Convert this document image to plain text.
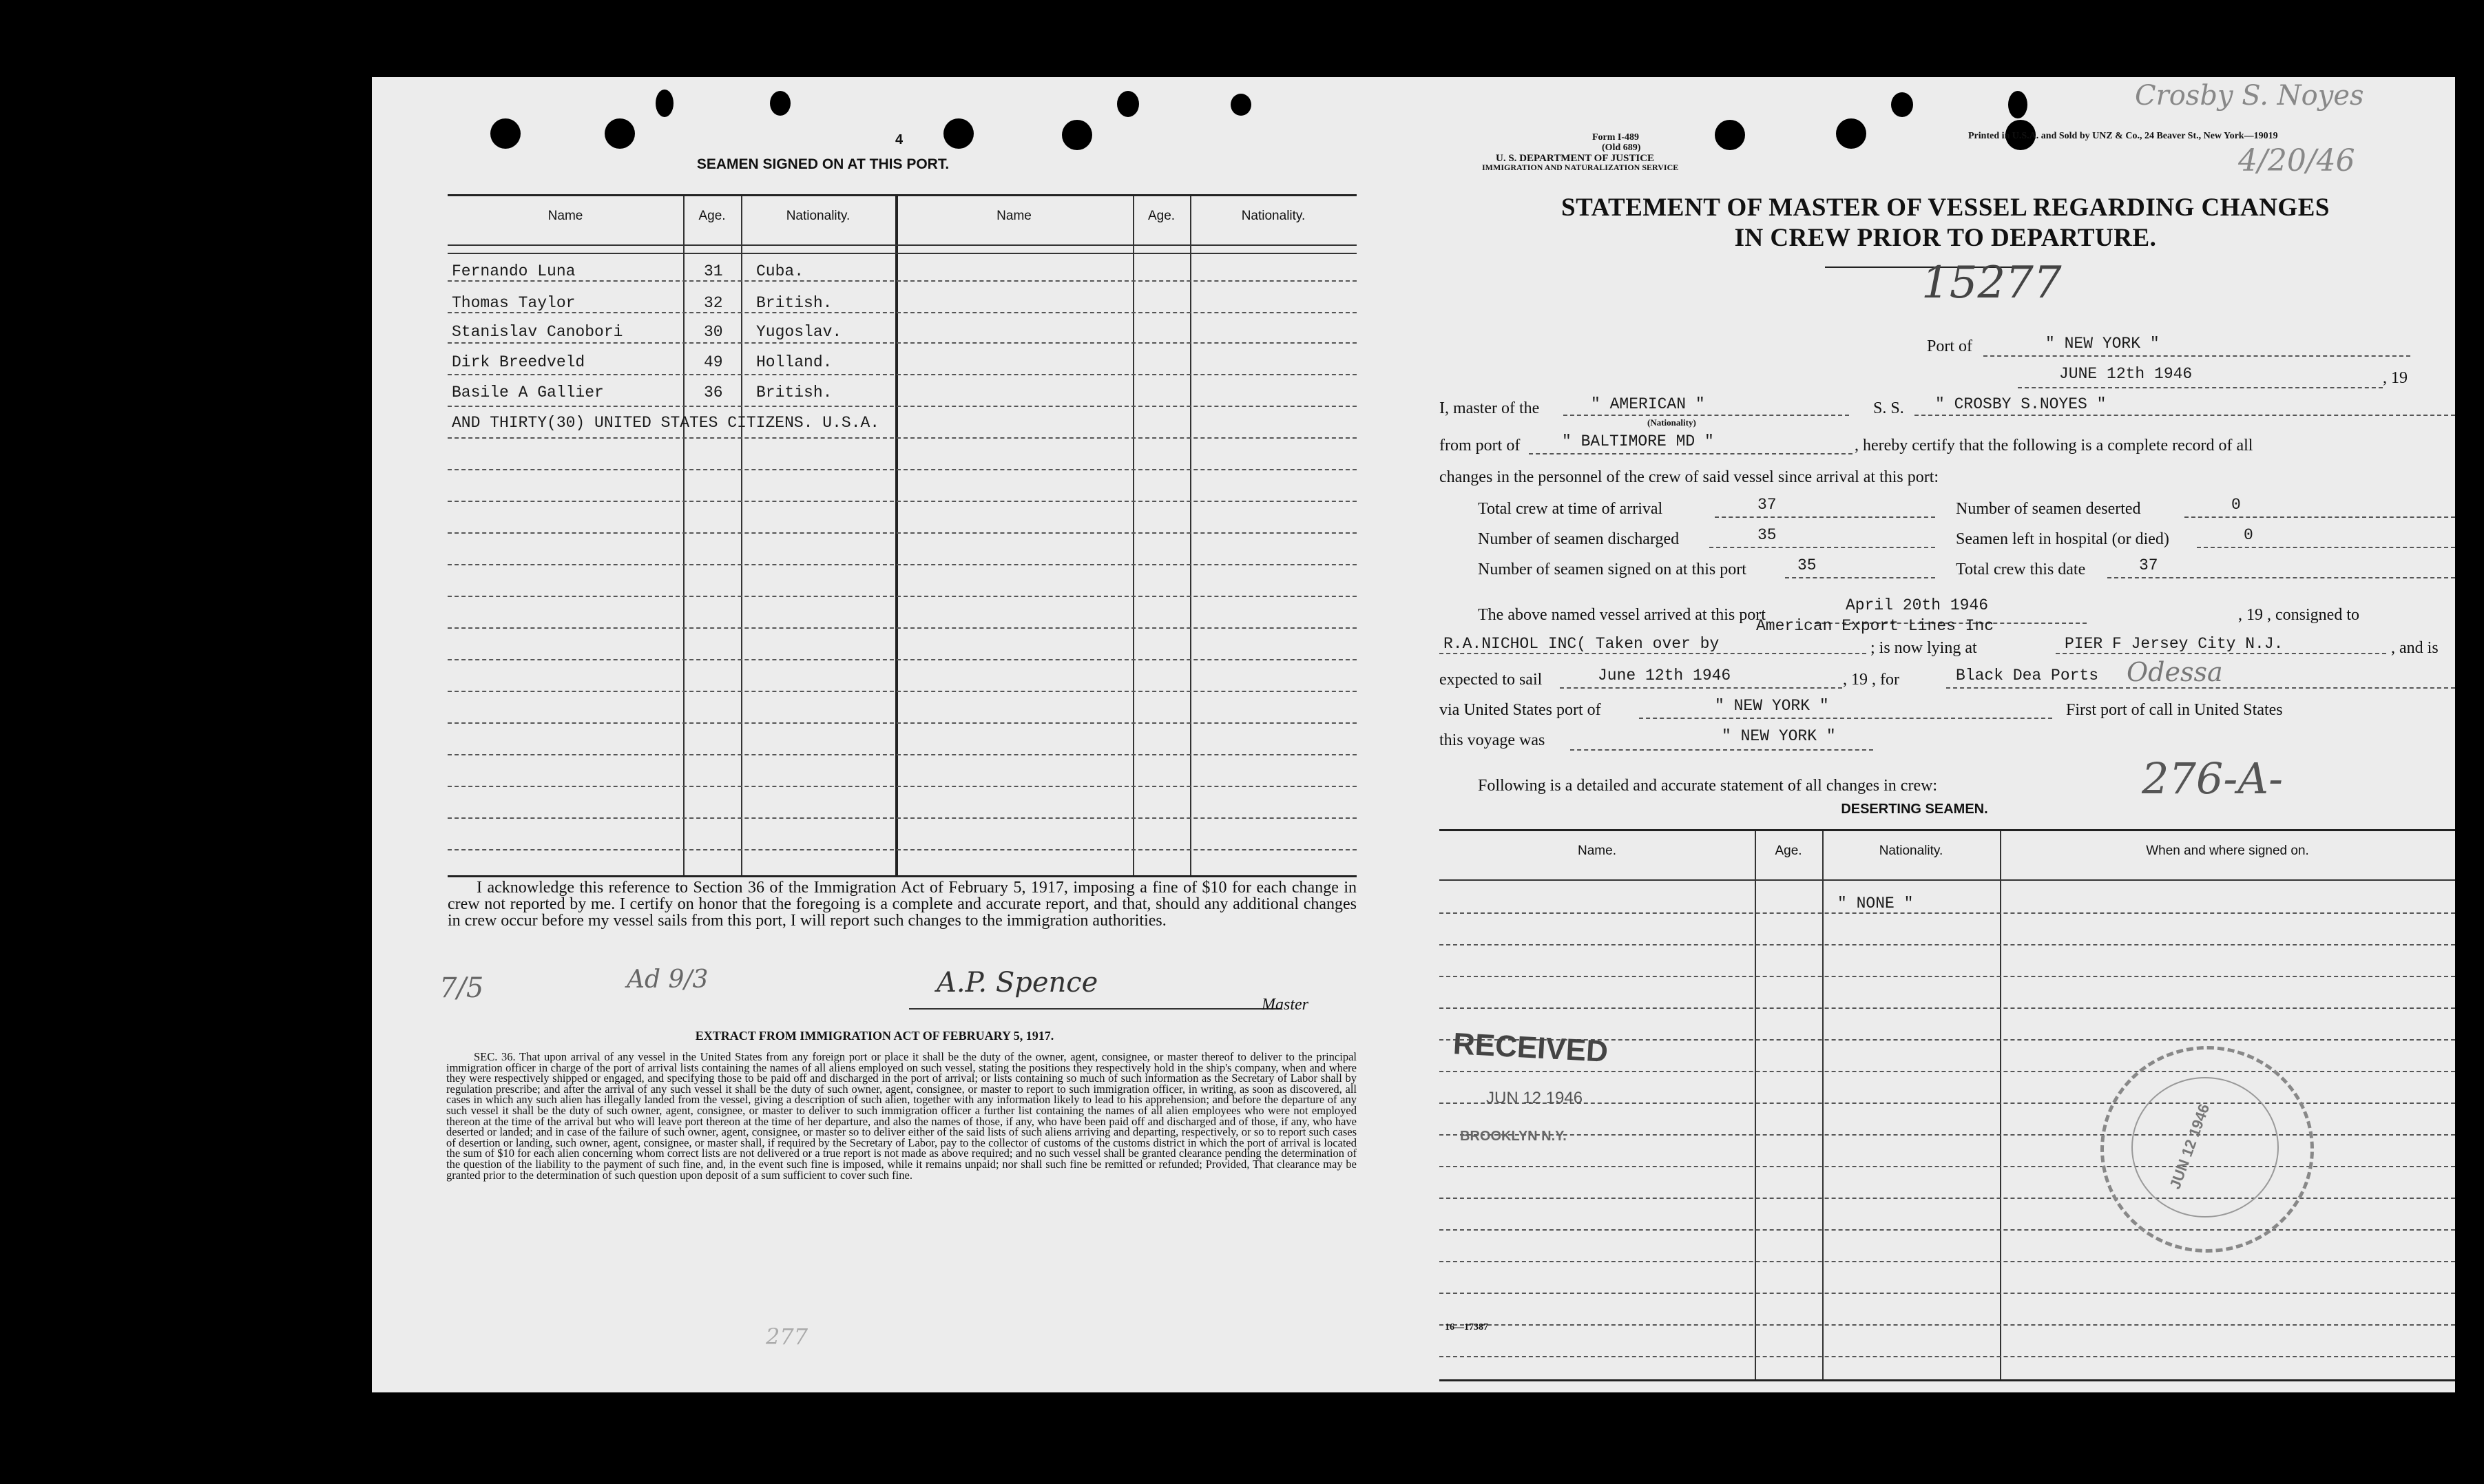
4
SEAMEN SIGNED ON AT THIS PORT.
Name	Age.	Nationality.	Name	Age.	Nationality.
Fernando Luna	31 Cuba.
Thomas Taylor	32 British.
Stanislav Canobori	30 Yugoslav.
Dirk Breedveld	49 Holland.
Basile A Gallier	36 British.
AND THIRTY(30) UNITED STATES CITIZENS. U.S.A.
I acknowledge this reference to Section 36 of the Immigration Act of February 5, 1917, imposing a fine of $10 for each change in crew not reported by me. I certify on honor that the foregoing is a complete and accurate report, and that, should any additional changes in crew occur before my vessel sails from this port, I will report such changes to the immigration authorities.
7/5	Ad 9/3	A.P. Spence
Master
EXTRACT FROM IMMIGRATION ACT OF FEBRUARY 5, 1917.
SEC. 36. That upon arrival of any vessel in the United States from any foreign port or place it shall be the duty of the owner, agent, consignee, or master thereof to deliver to the principal immigration officer in charge of the port of arrival lists containing the names of all aliens employed on such vessel, stating the positions they respectively hold in the ship's company, when and where they were respectively shipped or engaged, and specifying those to be paid off and discharged in the port of arrival; or lists containing so much of such information as the Secretary of Labor shall by regulation prescribe; and after the arrival of any such vessel it shall be the duty of such owner, agent, consignee, or master to report to such immigration officer, in writing, as soon as discovered, all cases in which any such alien has illegally landed from the vessel, giving a description of such alien, together with any information likely to lead to his apprehension; and before the departure of any such vessel it shall be the duty of such owner, agent, consignee, or master to deliver to such immigration officer a further list containing the names of all alien employees who were not employed thereon at the time of the arrival but who will leave port thereon at the time of her departure, and also the names of those, if any, who have been paid off and discharged and of those, if any, who have deserted or landed; and in case of the failure of such owner, agent, consignee, or master so to deliver either of the said lists of such aliens arriving and departing, respectively, or so to report such cases of desertion or landing, such owner, agent, consignee, or master shall, if required by the Secretary of Labor, pay to the collector of customs of the customs district in which the port of arrival is located the sum of $10 for each alien concerning whom correct lists are not delivered or a true report is not made as above required; and no such vessel shall be granted clearance pending the determination of the question of the liability to the payment of such fine, and, in the event such fine is imposed, while it remains unpaid; nor shall such fine be remitted or refunded; Provided, That clearance may be granted prior to the determination of such question upon deposit of a sum sufficient to cover such fine.
277
Form I-489
(Old 689)
U. S. DEPARTMENT OF JUSTICE
IMMIGRATION AND NATURALIZATION SERVICE
Printed in U.S.A. and Sold by UNZ & Co., 24 Beaver St., New York—19019
Crosby S. Noyes
4/20/46
STATEMENT OF MASTER OF VESSEL REGARDING CHANGES
IN CREW PRIOR TO DEPARTURE.
15277
Port of	" NEW YORK "
JUNE 12th 1946	, 19
I, master of the	" AMERICAN "
(Nationality)
S. S. " CROSBY S.NOYES "
from port of	" BALTIMORE MD "	, hereby certify that the following is a complete record of all
changes in the personnel of the crew of said vessel since arrival at this port:
Total crew at time of arrival	37	Number of seamen deserted	0
Number of seamen discharged	35	Seamen left in hospital (or died)	0
Number of seamen signed on at this port	35	Total crew this date	37
The above named vessel arrived at this port
April 20th 1946
, 19 , consigned to
R.A.NICHOL INC( Taken over by
American Export Lines Inc
; is now lying at	PIER F Jersey City N.J.	, and is
expected to sail	June 12th 1946	, 19 , for	Black Dea Ports Odessa
via United States port of	" NEW YORK "	First port of call in United States
this voyage was	" NEW YORK "
Following is a detailed and accurate statement of all changes in crew:	276-A-
DESERTING SEAMEN.
Name.	Age.	Nationality.	When and where signed on.
" NONE "
RECEIVED
JUN 12 1946
BROOKLYN N.Y.	JUN 12 1946
16—17387
